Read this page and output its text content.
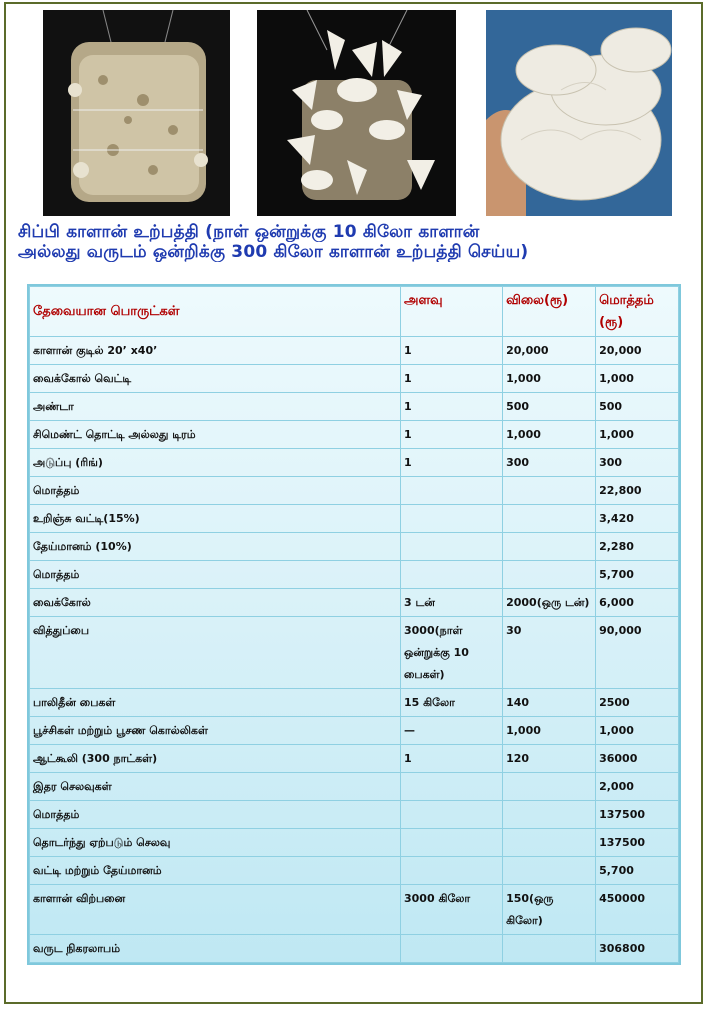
சிப்பி காளான் உற்பத்தி (நாள் ஒன்றுக்கு 10 கிலோ காளான்
அல்லது வருடம் ஒன்றிக்கு 300 கிலோ காளான் உற்பத்தி செய்ய)
தேவையான பொருட்கள்	அளவு	விலை(ரூ)	மொத்தம் (ரூ)
காளான் குடில் 20’ x40’	1	20,000	20,000
வைக்கோல் வெட்டி	1	1,000	1,000
அண்டா	1	500	500
சிமெண்ட் தொட்டி அல்லது டிரம்	1	1,000	1,000
அடுப்பு (ரிங்)	1	300	300
மொத்தம்			22,800
உறிஞ்சு வட்டி(15%)			3,420
தேய்மானம் (10%)			2,280
மொத்தம்			5,700
வைக்கோல்	3 டன்	2000(ஒரு டன்)	6,000
வித்துப்பை	3000(நாள் ஒன்றுக்கு 10 பைகள்)	30	90,000
பாலிதீன் பைகள்	15 கிலோ	140	2500
பூச்சிகள் மற்றும் பூசண கொல்லிகள்	—	1,000	1,000
ஆட்கூலி (300 நாட்கள்)	1	120	36000
இதர செலவுகள்			2,000
மொத்தம்			137500
தொடர்ந்து ஏற்படும் செலவு			137500
வட்டி மற்றும் தேய்மானம்			5,700
காளான் விற்பனை	3000 கிலோ	150(ஒரு கிலோ)	450000
வருட நிகரலாபம்			306800
